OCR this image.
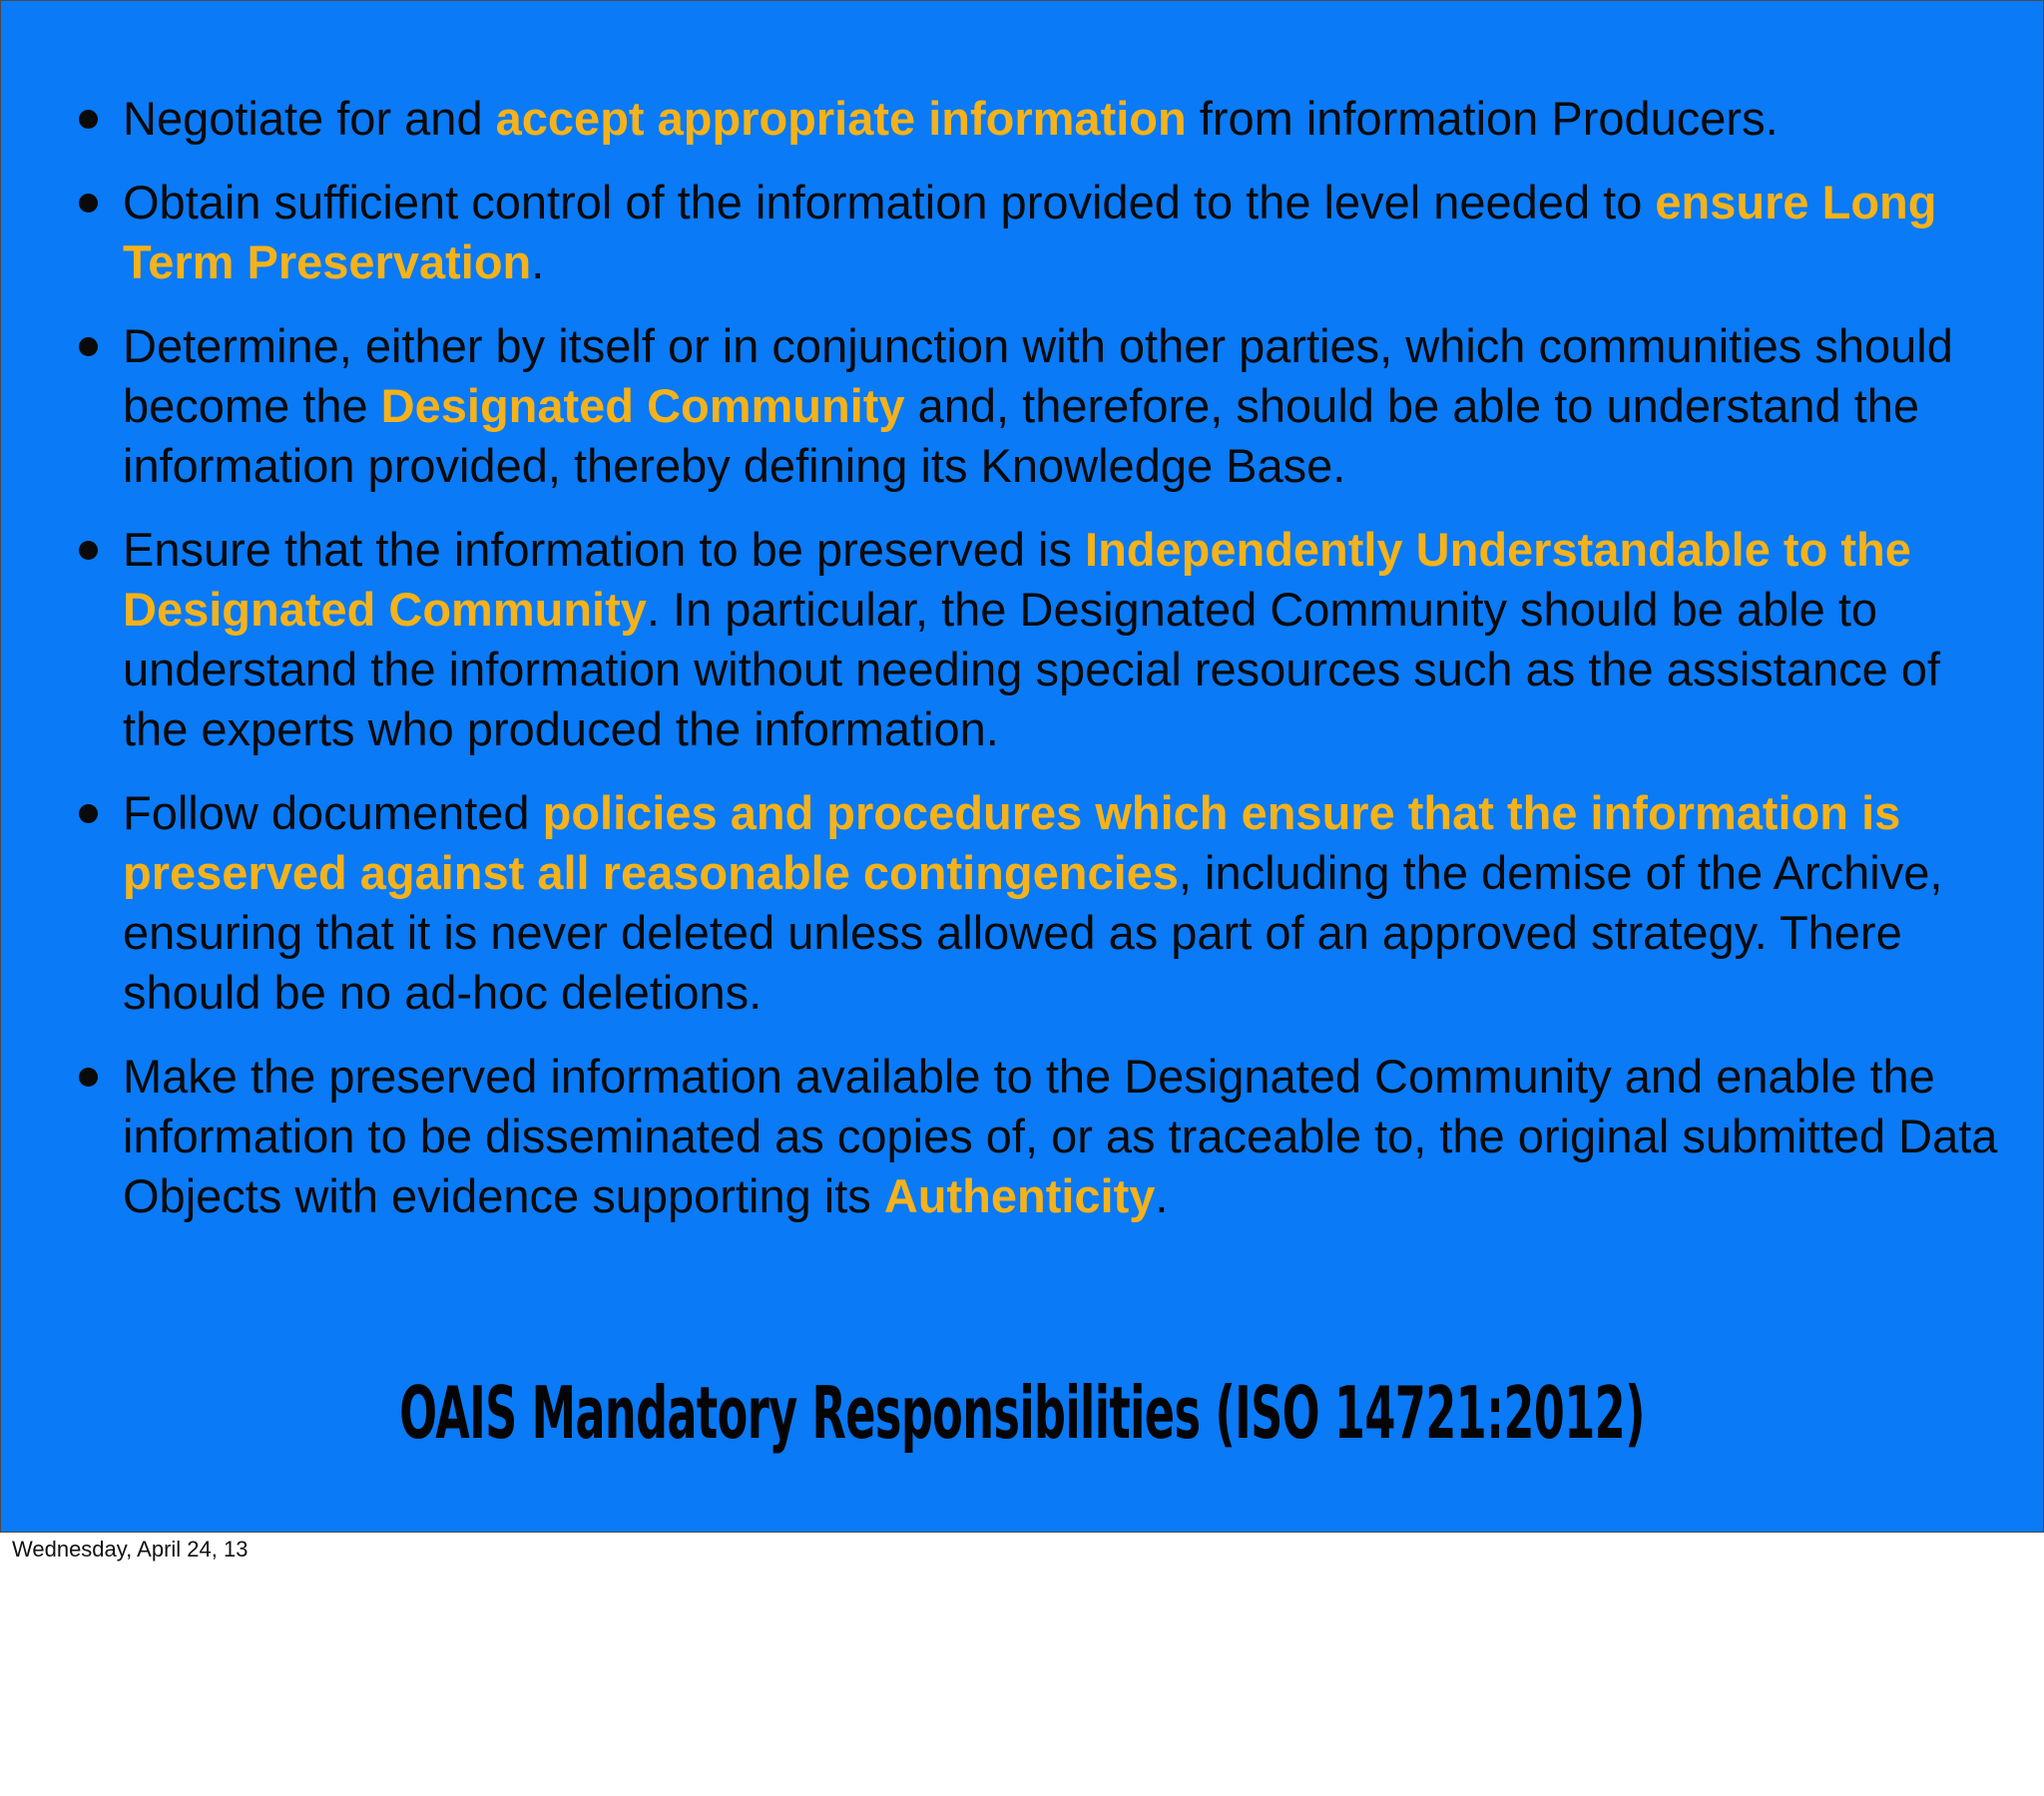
Negotiate for and accept appropriate information from information Producers.
Obtain sufficient control of the information provided to the level needed to ensure Long Term Preservation.
Determine, either by itself or in conjunction with other parties, which communities should become the Designated Community and, therefore, should be able to understand the information provided, thereby defining its Knowledge Base.
Ensure that the information to be preserved is Independently Understandable to the Designated Community. In particular, the Designated Community should be able to understand the information without needing special resources such as the assistance of the experts who produced the information.
Follow documented policies and procedures which ensure that the information is preserved against all reasonable contingencies, including the demise of the Archive, ensuring that it is never deleted unless allowed as part of an approved strategy. There should be no ad-hoc deletions.
Make the preserved information available to the Designated Community and enable the information to be disseminated as copies of, or as traceable to, the original submitted Data Objects with evidence supporting its Authenticity.
OAIS Mandatory Responsibilities (ISO 14721:2012)
Wednesday, April 24, 13
